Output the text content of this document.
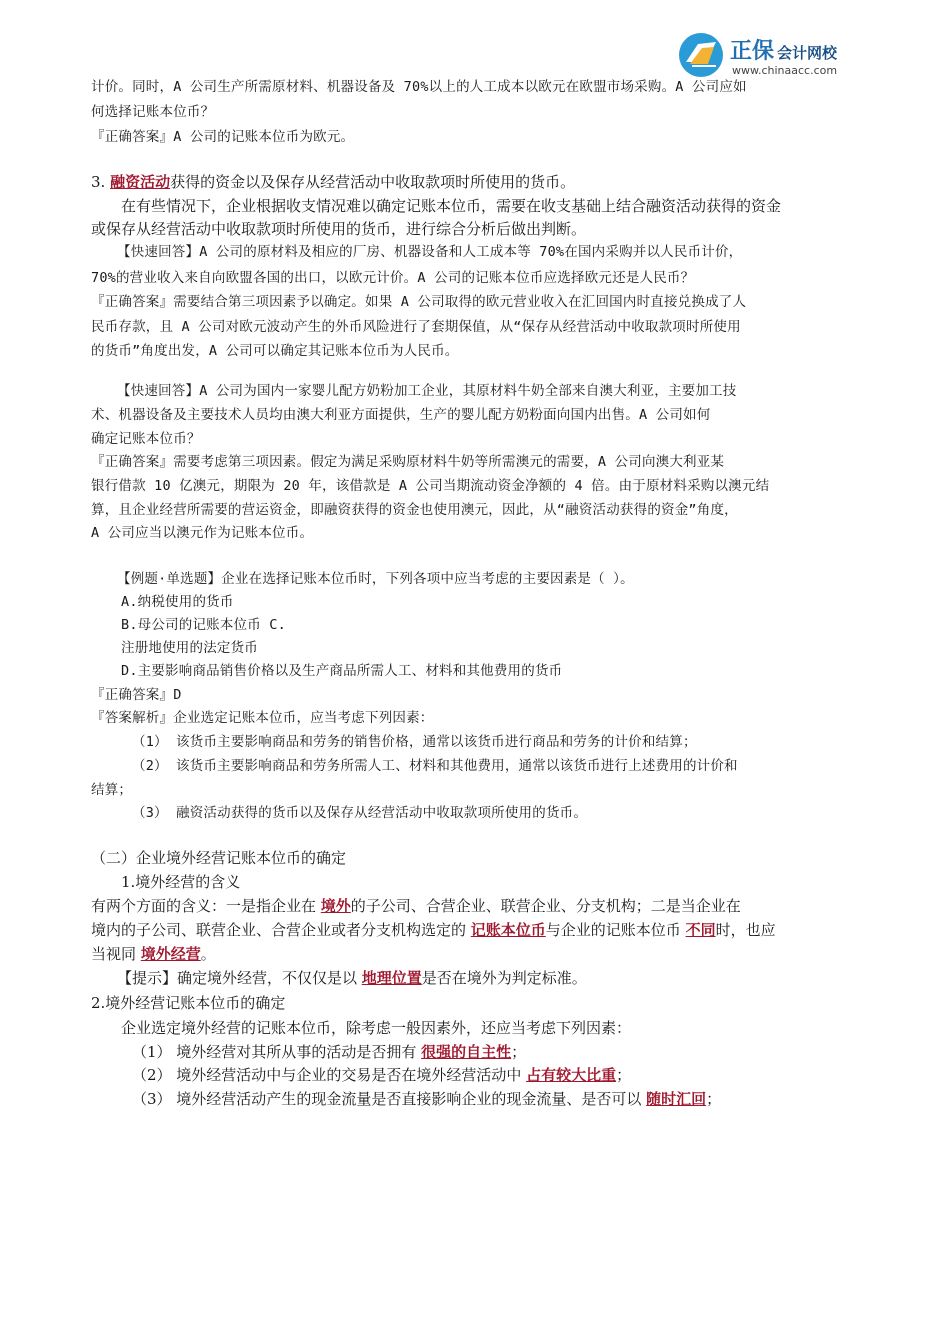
正保 会计网校
www.chinaacc.com
计价。同时，A 公司生产所需原材料、机器设备及 70%以上的人工成本以欧元在欧盟市场采购。A 公司应如
何选择记账本位币？
『正确答案』A 公司的记账本位币为欧元。
3. 融资活动获得的资金以及保存从经营活动中收取款项时所使用的货币。
在有些情况下，企业根据收支情况难以确定记账本位币，需要在收支基础上结合融资活动获得的资金
或保存从经营活动中收取款项时所使用的货币，进行综合分析后做出判断。
【快速回答】A 公司的原材料及相应的厂房、机器设备和人工成本等 70%在国内采购并以人民币计价，
70%的营业收入来自向欧盟各国的出口，以欧元计价。A 公司的记账本位币应选择欧元还是人民币？
『正确答案』需要结合第三项因素予以确定。如果 A 公司取得的欧元营业收入在汇回国内时直接兑换成了人
民币存款，且 A 公司对欧元波动产生的外币风险进行了套期保值，从“保存从经营活动中收取款项时所使用
的货币”角度出发，A 公司可以确定其记账本位币为人民币。
【快速回答】A 公司为国内一家婴儿配方奶粉加工企业，其原材料牛奶全部来自澳大利亚，主要加工技
术、机器设备及主要技术人员均由澳大利亚方面提供，生产的婴儿配方奶粉面向国内出售。A 公司如何
确定记账本位币？
『正确答案』需要考虑第三项因素。假定为满足采购原材料牛奶等所需澳元的需要，A 公司向澳大利亚某
银行借款 10 亿澳元，期限为 20 年，该借款是 A 公司当期流动资金净额的 4 倍。由于原材料采购以澳元结
算，且企业经营所需要的营运资金，即融资获得的资金也使用澳元，因此，从“融资活动获得的资金”角度，
A 公司应当以澳元作为记账本位币。
【例题·单选题】企业在选择记账本位币时，下列各项中应当考虑的主要因素是（ ）。
A.纳税使用的货币
B.母公司的记账本位币 C.
注册地使用的法定货币
D.主要影响商品销售价格以及生产商品所需人工、材料和其他费用的货币
『正确答案』D
『答案解析』企业选定记账本位币，应当考虑下列因素：
（1） 该货币主要影响商品和劳务的销售价格，通常以该货币进行商品和劳务的计价和结算；
（2） 该货币主要影响商品和劳务所需人工、材料和其他费用，通常以该货币进行上述费用的计价和
结算；
（3） 融资活动获得的货币以及保存从经营活动中收取款项所使用的货币。
（二）企业境外经营记账本位币的确定
1.境外经营的含义
有两个方面的含义：一是指企业在 境外的子公司、合营企业、联营企业、分支机构；二是当企业在
境内的子公司、联营企业、合营企业或者分支机构选定的 记账本位币与企业的记账本位币 不同时，也应
当视同 境外经营。
【提示】确定境外经营，不仅仅是以 地理位置是否在境外为判定标准。
2.境外经营记账本位币的确定
企业选定境外经营的记账本位币，除考虑一般因素外，还应当考虑下列因素：
（1） 境外经营对其所从事的活动是否拥有 很强的自主性；
（2） 境外经营活动中与企业的交易是否在境外经营活动中 占有较大比重；
（3） 境外经营活动产生的现金流量是否直接影响企业的现金流量、是否可以 随时汇回；
